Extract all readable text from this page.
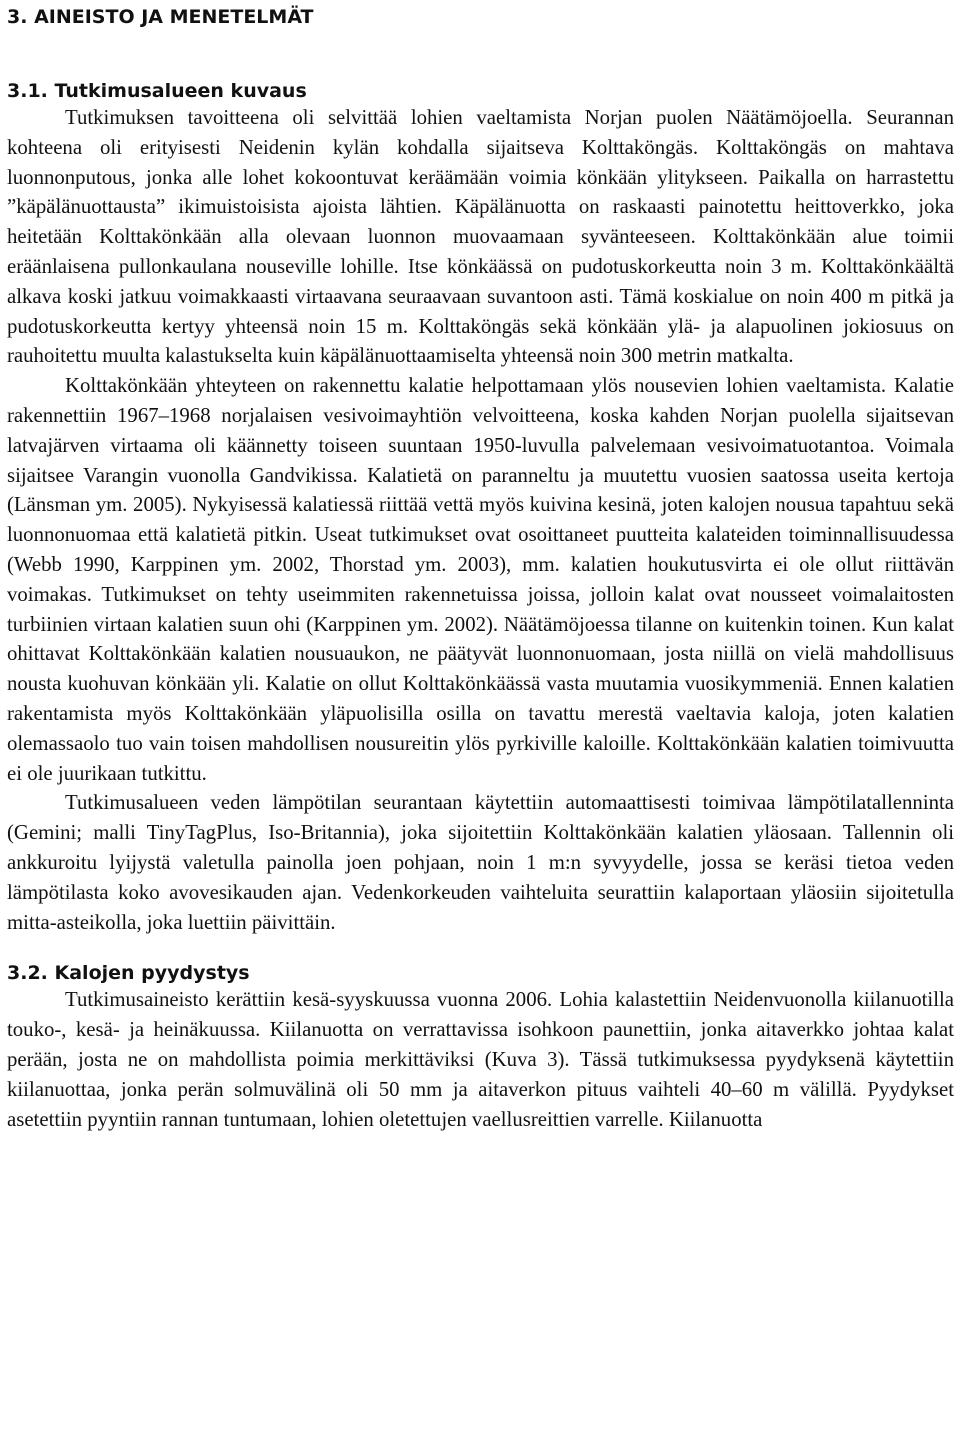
3. AINEISTO JA MENETELMÄT
3.1. Tutkimusalueen kuvaus

Tutkimuksen tavoitteena oli selvittää lohien vaeltamista Norjan puolen Näätämöjoella. Seurannan kohteena oli erityisesti Neidenin kylän kohdalla sijaitseva Kolttaköngäs. Kolttaköngäs on mahtava luonnonputous, jonka alle lohet kokoontuvat keräämään voimia könkään ylitykseen. Paikalla on harrastettu ”käpälänuottausta” ikimuistoisista ajoista lähtien. Käpälänuotta on raskaasti painotettu heittoverkko, joka heitetään Kolttakönkään alla olevaan luonnon muovaamaan syvänteeseen. Kolttakönkään alue toimii eräänlaisena pullonkaulana nouseville lohille. Itse könkäässä on pudotuskorkeutta noin 3 m. Kolttakönkäältä alkava koski jatkuu voimakkaasti virtaavana seuraavaan suvantoon asti. Tämä koskialue on noin 400 m pitkä ja pudotuskorkeutta kertyy yhteensä noin 15 m. Kolttaköngäs sekä könkään ylä- ja alapuolinen jokiosuus on rauhoitettu muulta kalastukselta kuin käpälänuottaamiselta yhteensä noin 300 metrin matkalta.

Kolttakönkään yhteyteen on rakennettu kalatie helpottamaan ylös nousevien lohien vaeltamista. Kalatie rakennettiin 1967–1968 norjalaisen vesivoimayhtiön velvoitteena, koska kahden Norjan puolella sijaitsevan latvajärven virtaama oli käännetty toiseen suuntaan 1950-luvulla palvelemaan vesivoimatuotantoa. Voimala sijaitsee Varangin vuonolla Gandvikissa. Kalatietä on paranneltu ja muutettu vuosien saatossa useita kertoja (Länsman ym. 2005). Nykyisessä kalatiessä riittää vettä myös kuivina kesinä, joten kalojen nousua tapahtuu sekä luonnonuomaa että kalatietä pitkin. Useat tutkimukset ovat osoittaneet puutteita kalateiden toiminnallisuudessa (Webb 1990, Karppinen ym. 2002, Thorstad ym. 2003), mm. kalatien houkutusvirta ei ole ollut riittävän voimakas. Tutkimukset on tehty useimmiten rakennetuissa joissa, jolloin kalat ovat nousseet voimalaitosten turbiinien virtaan kalatien suun ohi (Karppinen ym. 2002). Näätämöjoessa tilanne on kuitenkin toinen. Kun kalat ohittavat Kolttakönkään kalatien nousuaukon, ne päätyvät luonnonuomaan, josta niillä on vielä mahdollisuus nousta kuohuvan könkään yli. Kalatie on ollut Kolttakönkäässä vasta muutamia vuosikymmeniä. Ennen kalatien rakentamista myös Kolttakönkään yläpuolisilla osilla on tavattu merestä vaeltavia kaloja, joten kalatien olemassaolo tuo vain toisen mahdollisen nousureitin ylös pyrkiville kaloille. Kolttakönkään kalatien toimivuutta ei ole juurikaan tutkittu.

Tutkimusalueen veden lämpötilan seurantaan käytettiin automaattisesti toimivaa lämpötilatallenninta (Gemini; malli TinyTagPlus, Iso-Britannia), joka sijoitettiin Kolttakönkään kalatien yläosaan. Tallennin oli ankkuroitu lyijystä valetulla painolla joen pohjaan, noin 1 m:n syvyydelle, jossa se keräsi tietoa veden lämpötilasta koko avovesikauden ajan. Vedenkorkeuden vaihteluita seurattiin kalaportaan yläosiin sijoitetulla mitta-asteikolla, joka luettiin päivittäin.

3.2. Kalojen pyydystys

Tutkimusaineisto kerättiin kesä-syyskuussa vuonna 2006. Lohia kalastettiin Neidenvuonolla kiilanuotilla touko-, kesä- ja heinäkuussa. Kiilanuotta on verrattavissa isohkoon paunettiin, jonka aitaverkko johtaa kalat perään, josta ne on mahdollista poimia merkittäviksi (Kuva 3). Tässä tutkimuksessa pyydyksenä käytettiin kiilanuottaa, jonka perän solmuvälinä oli 50 mm ja aitaverkon pituus vaihteli 40–60 m välillä. Pyydykset asetettiin pyyntiin rannan tuntumaan, lohien oletettujen vaellusreittien varrelle. Kiilanuotta
